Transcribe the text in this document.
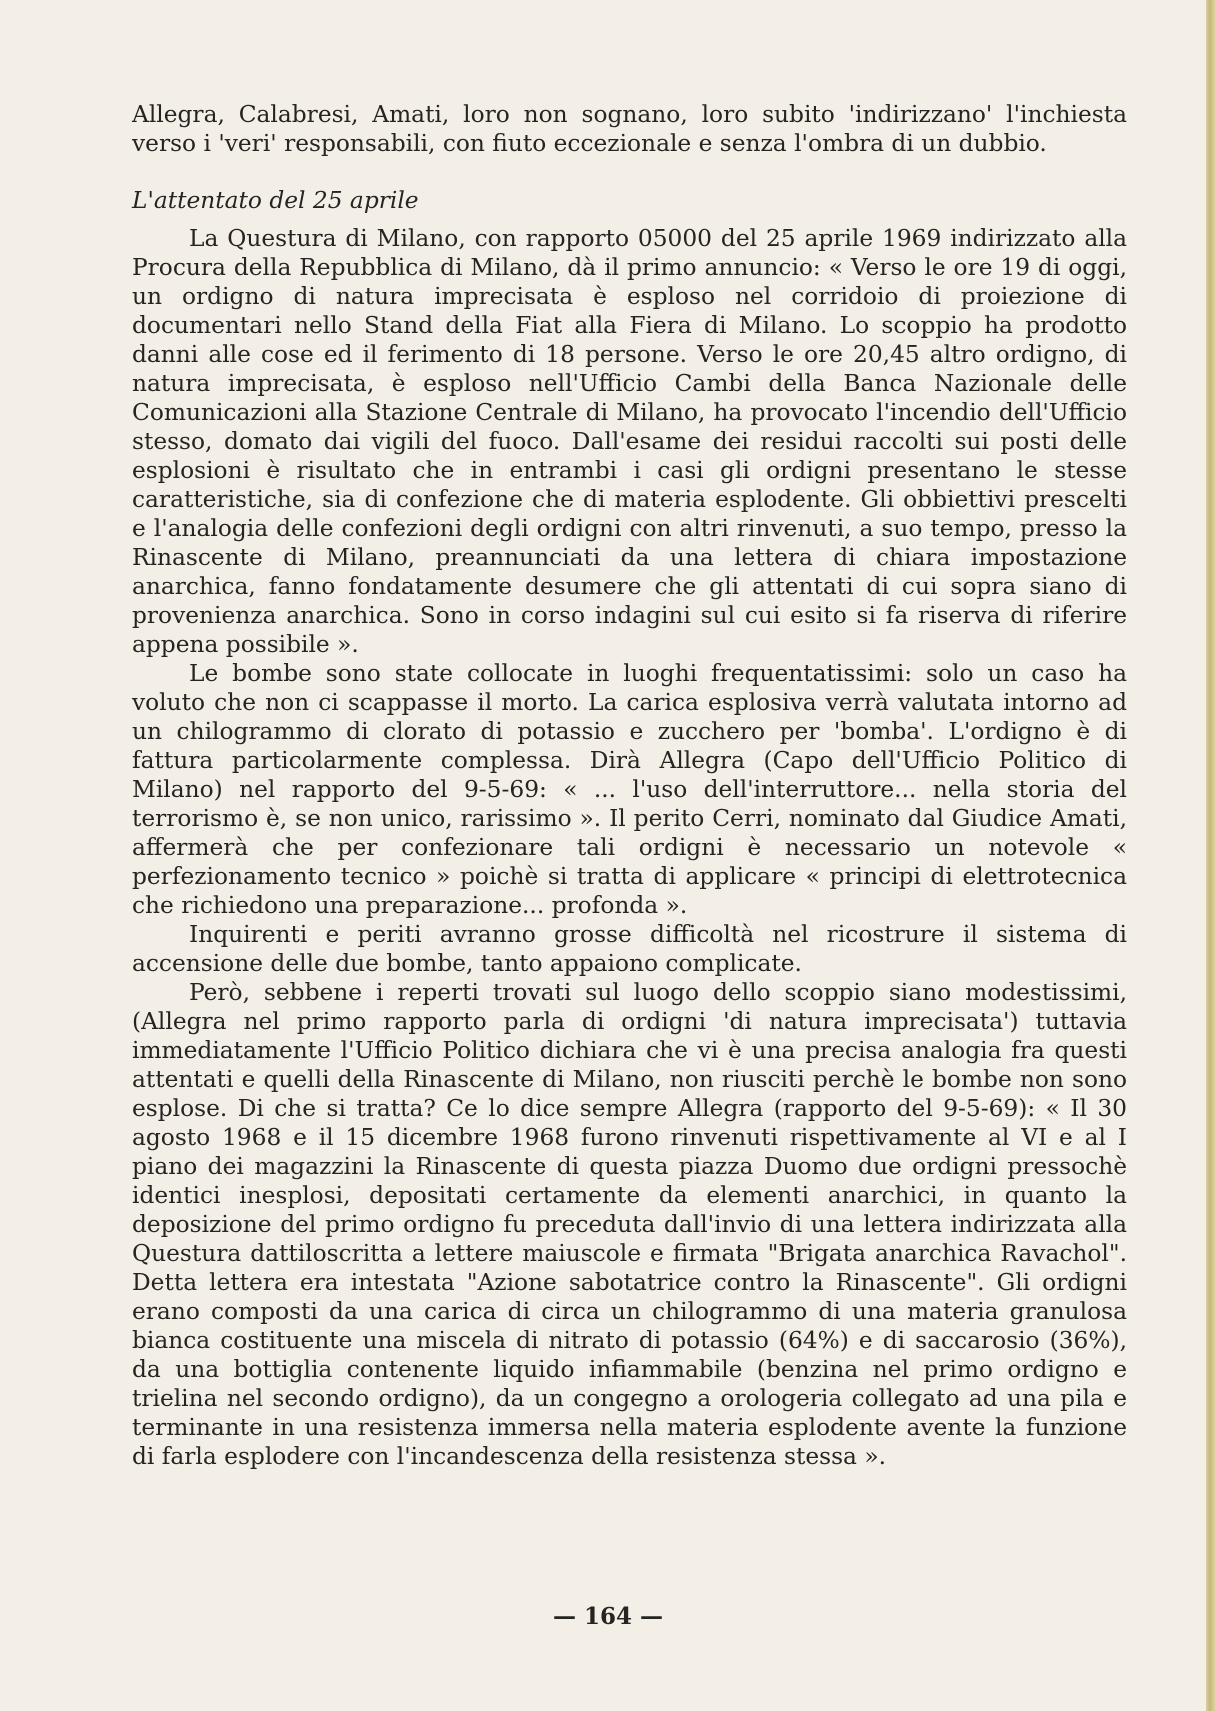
Allegra, Calabresi, Amati, loro non sognano, loro subito 'indirizzano' l'inchiesta verso i 'veri' responsabili, con fiuto eccezionale e senza l'ombra di un dubbio.

L'attentato del 25 aprile

La Questura di Milano, con rapporto 05000 del 25 aprile 1969 indirizzato alla Procura della Repubblica di Milano, dà il primo annuncio: « Verso le ore 19 di oggi, un ordigno di natura imprecisata è esploso nel corridoio di proiezione di documentari nello Stand della Fiat alla Fiera di Milano. Lo scoppio ha prodotto danni alle cose ed il ferimento di 18 persone. Verso le ore 20,45 altro ordigno, di natura imprecisata, è esploso nell'Ufficio Cambi della Banca Nazionale delle Comunicazioni alla Stazione Centrale di Milano, ha provocato l'incendio dell'Ufficio stesso, domato dai vigili del fuoco. Dall'esame dei residui raccolti sui posti delle esplosioni è risultato che in entrambi i casi gli ordigni presentano le stesse caratteristiche, sia di confezione che di materia esplodente. Gli obbiettivi prescelti e l'analogia delle confezioni degli ordigni con altri rinvenuti, a suo tempo, presso la Rinascente di Milano, preannunciati da una lettera di chiara impostazione anarchica, fanno fondatamente desumere che gli attentati di cui sopra siano di provenienza anarchica. Sono in corso indagini sul cui esito si fa riserva di riferire appena possibile ».

Le bombe sono state collocate in luoghi frequentatissimi: solo un caso ha voluto che non ci scappasse il morto. La carica esplosiva verrà valutata intorno ad un chilogrammo di clorato di potassio e zucchero per 'bomba'. L'ordigno è di fattura particolarmente complessa. Dirà Allegra (Capo dell'Ufficio Politico di Milano) nel rapporto del 9-5-69: « ... l'uso dell'interruttore... nella storia del terrorismo è, se non unico, rarissimo ». Il perito Cerri, nominato dal Giudice Amati, affermerà che per confezionare tali ordigni è necessario un notevole « perfezionamento tecnico » poichè si tratta di applicare « principi di elettrotecnica che richiedono una preparazione... profonda ».

Inquirenti e periti avranno grosse difficoltà nel ricostrure il sistema di accensione delle due bombe, tanto appaiono complicate.

Però, sebbene i reperti trovati sul luogo dello scoppio siano modestissimi, (Allegra nel primo rapporto parla di ordigni 'di natura imprecisata') tuttavia immediatamente l'Ufficio Politico dichiara che vi è una precisa analogia fra questi attentati e quelli della Rinascente di Milano, non riusciti perchè le bombe non sono esplose. Di che si tratta? Ce lo dice sempre Allegra (rapporto del 9-5-69): « Il 30 agosto 1968 e il 15 dicembre 1968 furono rinvenuti rispettivamente al VI e al I piano dei magazzini la Rinascente di questa piazza Duomo due ordigni pressochè identici inesplosi, depositati certamente da elementi anarchici, in quanto la deposizione del primo ordigno fu preceduta dall'invio di una lettera indirizzata alla Questura dattiloscritta a lettere maiuscole e firmata "Brigata anarchica Ravachol". Detta lettera era intestata "Azione sabotatrice contro la Rinascente". Gli ordigni erano composti da una carica di circa un chilogrammo di una materia granulosa bianca costituente una miscela di nitrato di potassio (64%) e di saccarosio (36%), da una bottiglia contenente liquido infiammabile (benzina nel primo ordigno e trielina nel secondo ordigno), da un congegno a orologeria collegato ad una pila e terminante in una resistenza immersa nella materia esplodente avente la funzione di farla esplodere con l'incandescenza della resistenza stessa ».

— 164 —
